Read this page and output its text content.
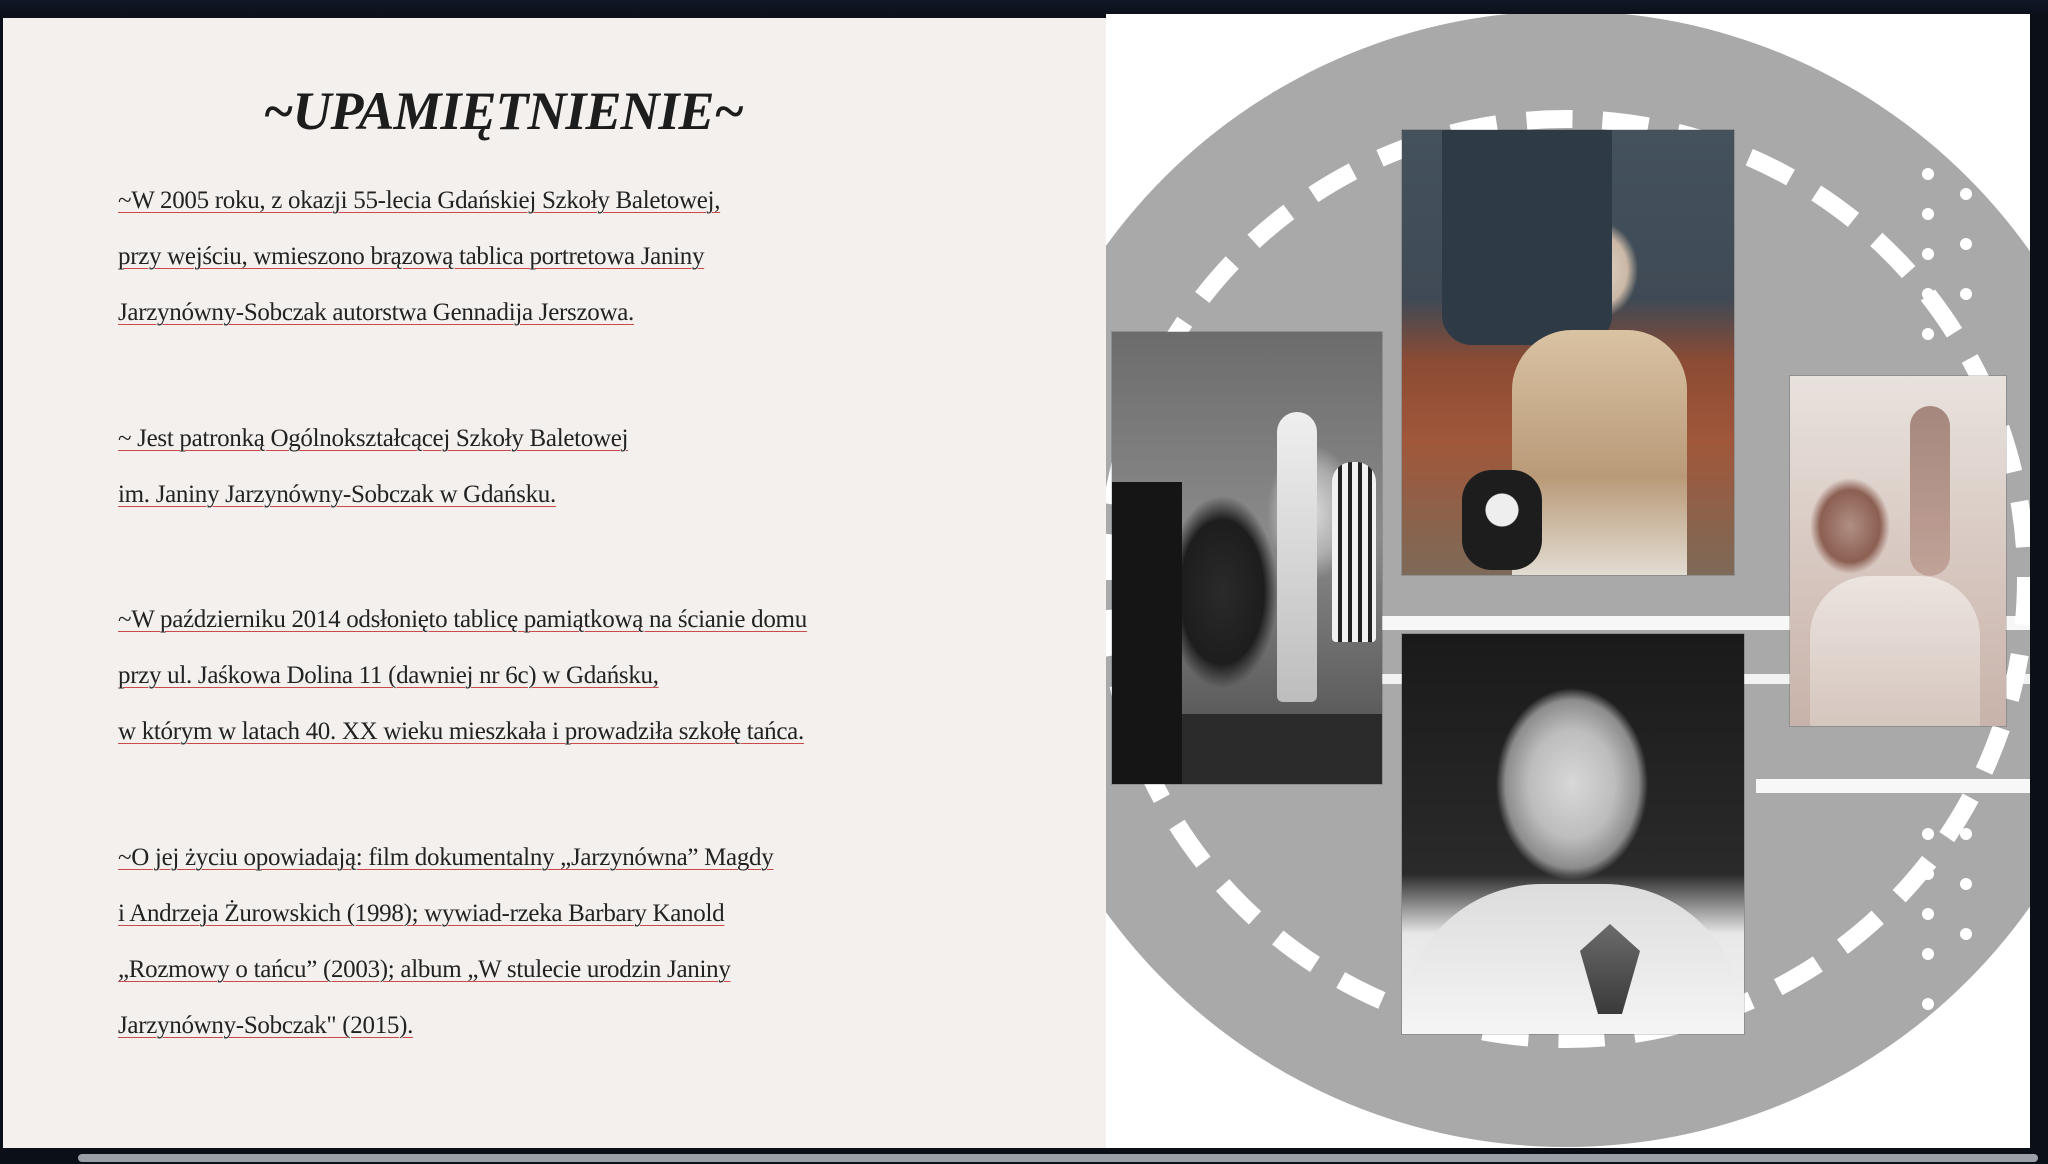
~UPAMIĘTNIENIE~
~W 2005 roku, z okazji 55-lecia Gdańskiej Szkoły Baletowej,
przy wejściu, wmieszono brązową tablica portretowa Janiny
Jarzynówny-Sobczak autorstwa Gennadija Jerszowa.
~ Jest patronką Ogólnokształcącej Szkoły Baletowej
im. Janiny Jarzynówny-Sobczak w Gdańsku.
~W październiku 2014 odsłonięto tablicę pamiątkową na ścianie domu
przy ul. Jaśkowa Dolina 11 (dawniej nr 6c) w Gdańsku,
w którym w latach 40. XX wieku mieszkała i prowadziła szkołę tańca.
~O jej życiu opowiadają: film dokumentalny „Jarzynówna” Magdy
i Andrzeja Żurowskich (1998); wywiad-rzeka Barbary Kanold
„Rozmowy o tańcu” (2003); album „W stulecie urodzin Janiny
Jarzynówny-Sobczak" (2015).
